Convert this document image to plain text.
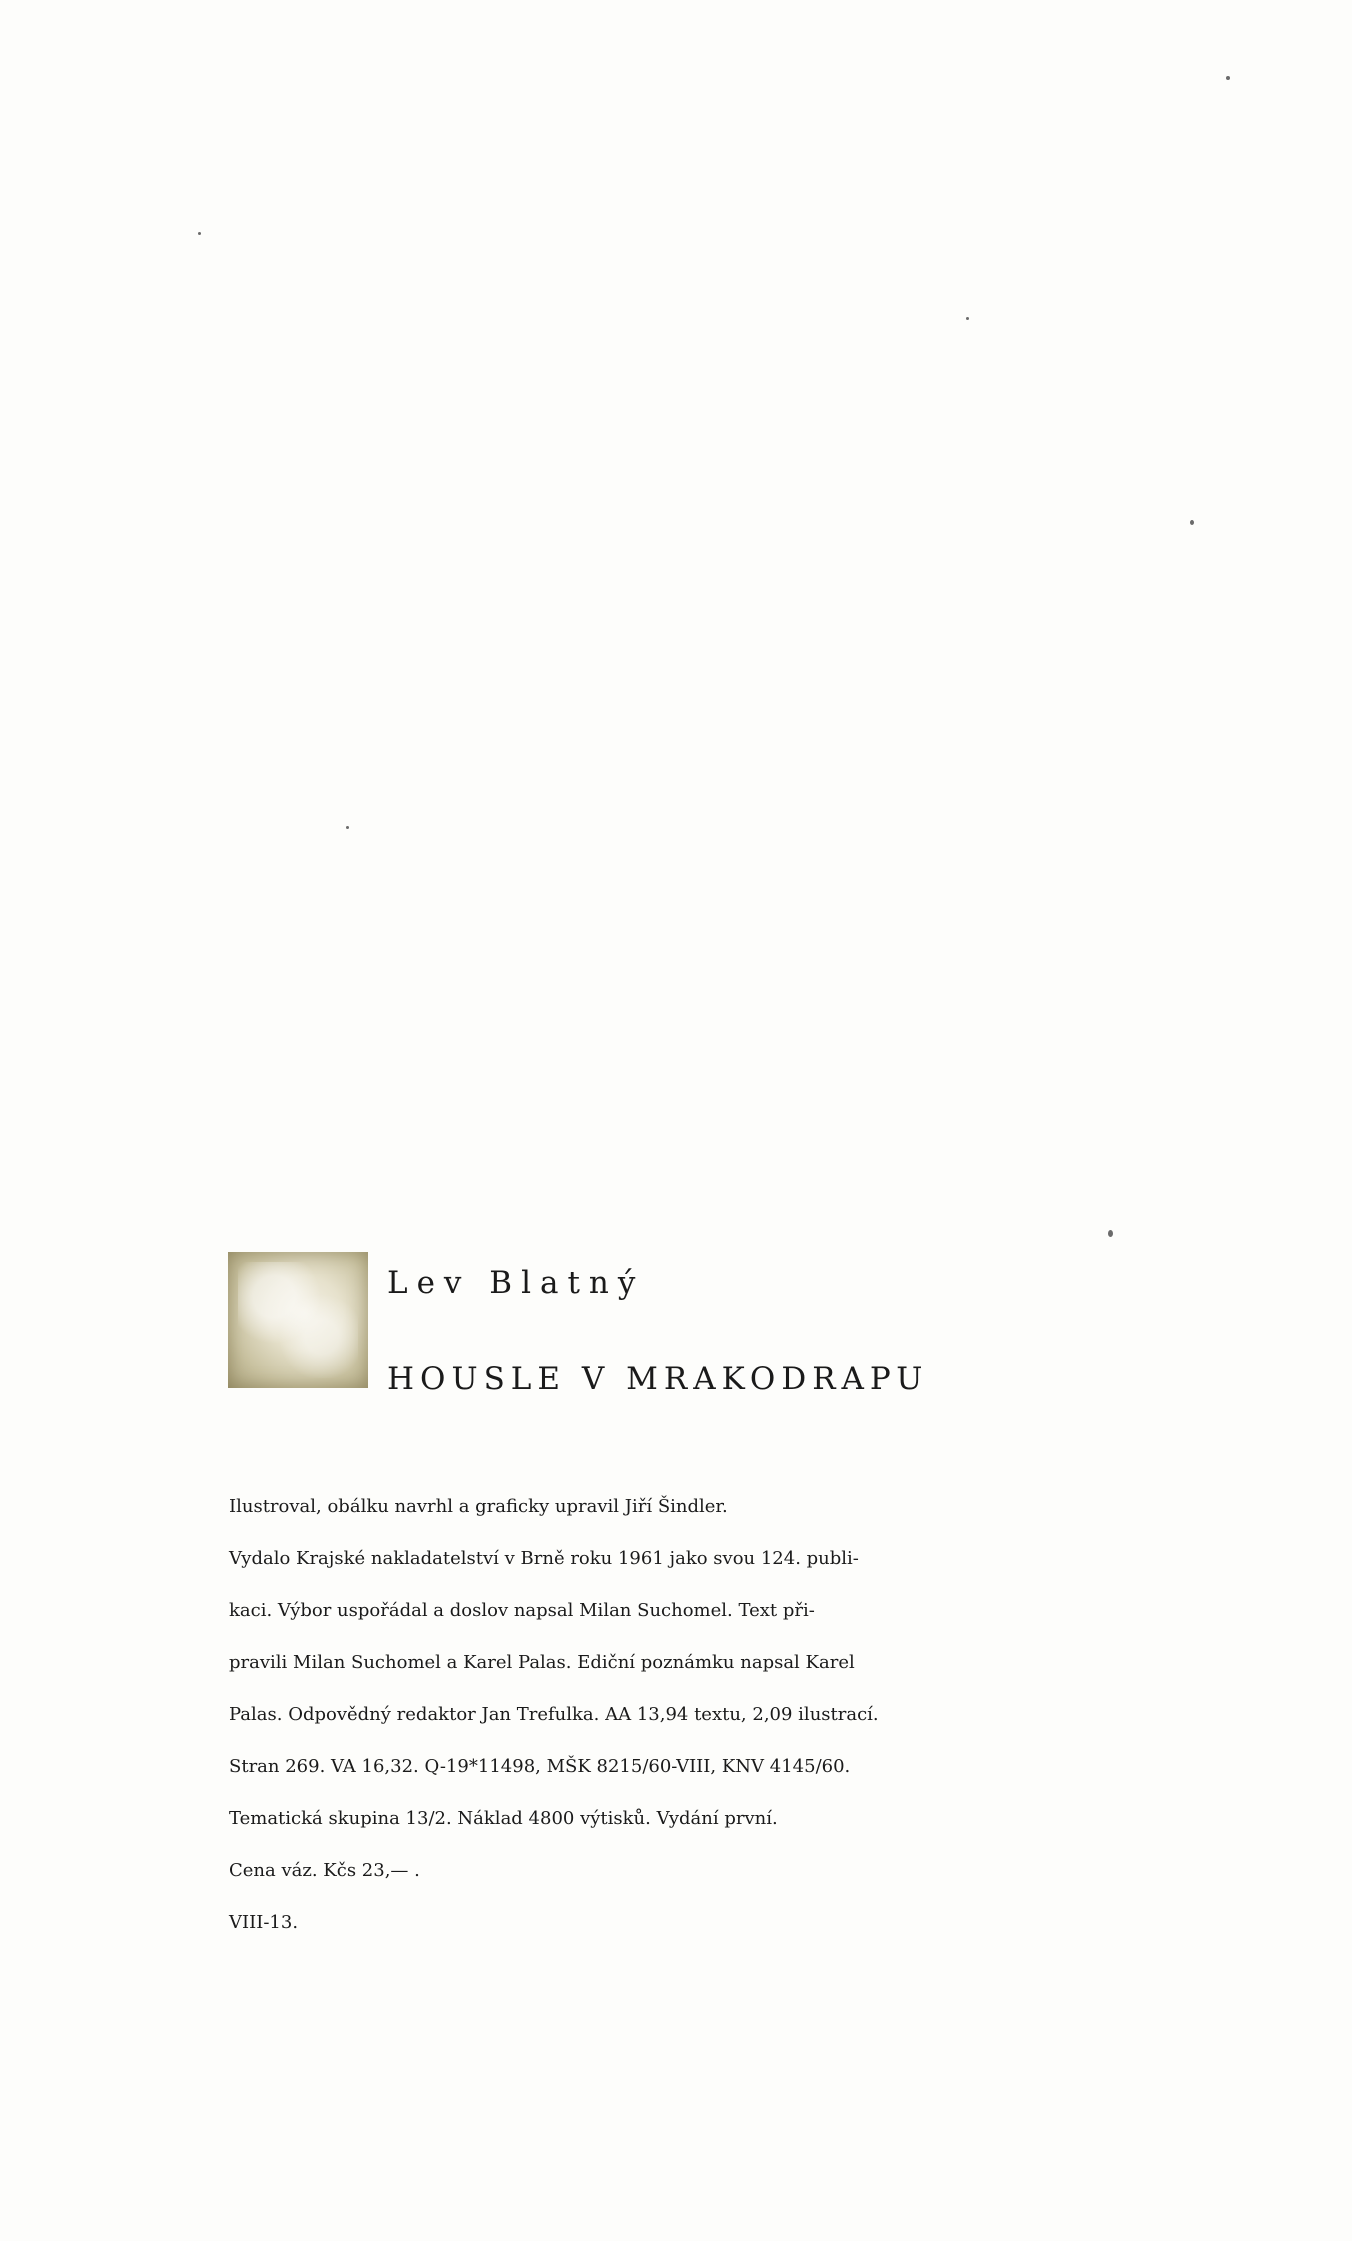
Lev Blatný
HOUSLE V MRAKODRAPU
Ilustroval, obálku navrhl a graficky upravil Jiří Šindler.
Vydalo Krajské nakladatelství v Brně roku 1961 jako svou 124. publi-
kaci. Výbor uspořádal a doslov napsal Milan Suchomel. Text při-
pravili Milan Suchomel a Karel Palas. Ediční poznámku napsal Karel
Palas. Odpovědný redaktor Jan Trefulka. AA 13,94 textu, 2,09 ilustrací.
Stran 269. VA 16,32. Q-19*11498, MŠK 8215/60-VIII, KNV 4145/60.
Tematická skupina 13/2. Náklad 4800 výtisků. Vydání první.
Cena váz. Kčs 23,— .
VIII-13.
